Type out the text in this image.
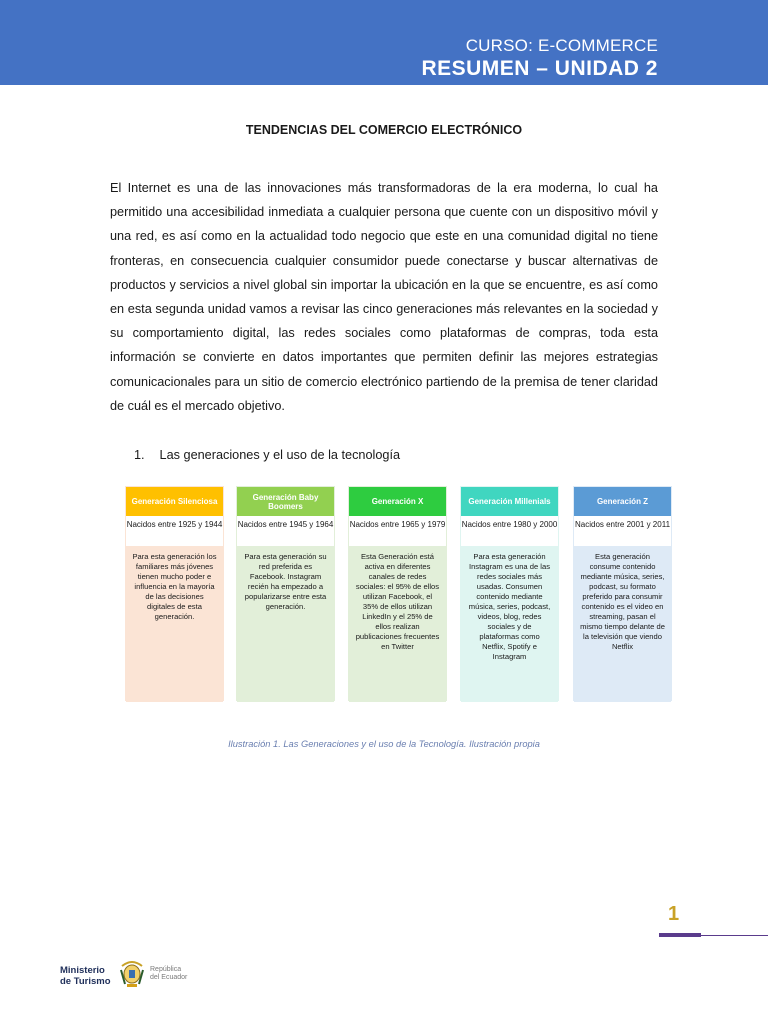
CURSO: E-COMMERCE
RESUMEN – UNIDAD 2
TENDENCIAS DEL COMERCIO ELECTRÓNICO
El Internet es una de las innovaciones más transformadoras de la era moderna, lo cual ha permitido una accesibilidad inmediata a cualquier persona que cuente con un dispositivo móvil y una red, es así como en la actualidad todo negocio que este en una comunidad digital no tiene fronteras, en consecuencia cualquier consumidor puede conectarse y buscar alternativas de productos y servicios a nivel global sin importar la ubicación en la que se encuentre, es así como en esta segunda unidad vamos a revisar las cinco generaciones más relevantes en la sociedad y su comportamiento digital, las redes sociales como plataformas de compras, toda esta información se convierte en datos importantes que permiten definir las mejores estrategias comunicacionales para un sitio de comercio electrónico partiendo de la premisa de tener claridad de cuál es el mercado objetivo.
1. Las generaciones y el uso de la tecnología
Generación Silenciosa
Nacidos entre 1925 y 1944
Para esta generación los familiares más jóvenes tienen mucho poder e influencia en la mayoría de las decisiones digitales de esta generación.
Generación Baby Boomers
Nacidos entre 1945 y 1964
Para esta generación su red preferida es Facebook. Instagram recién ha empezado a popularizarse entre esta generación.
Generación X
Nacidos entre 1965 y 1979
Esta Generación está activa en diferentes canales de redes sociales: el 95% de ellos utilizan Facebook, el 35% de ellos utilizan LinkedIn y el 25% de ellos realizan publicaciones frecuentes en Twitter
Generación Millenials
Nacidos entre 1980 y 2000
Para esta generación Instagram es una de las redes sociales más usadas. Consumen contenido mediante música, series, podcast, videos, blog, redes sociales y de plataformas como Netflix, Spotify e Instagram
Generación Z
Nacidos entre 2001 y 2011
Esta generación consume contenido mediante música, series, podcast, su formato preferido para consumir contenido es el video en streaming, pasan el mismo tiempo delante de la televisión que viendo Netflix
Ilustración 1. Las Generaciones y el uso de la Tecnología. Ilustración propia
1
Ministerio de Turismo
República del Ecuador
